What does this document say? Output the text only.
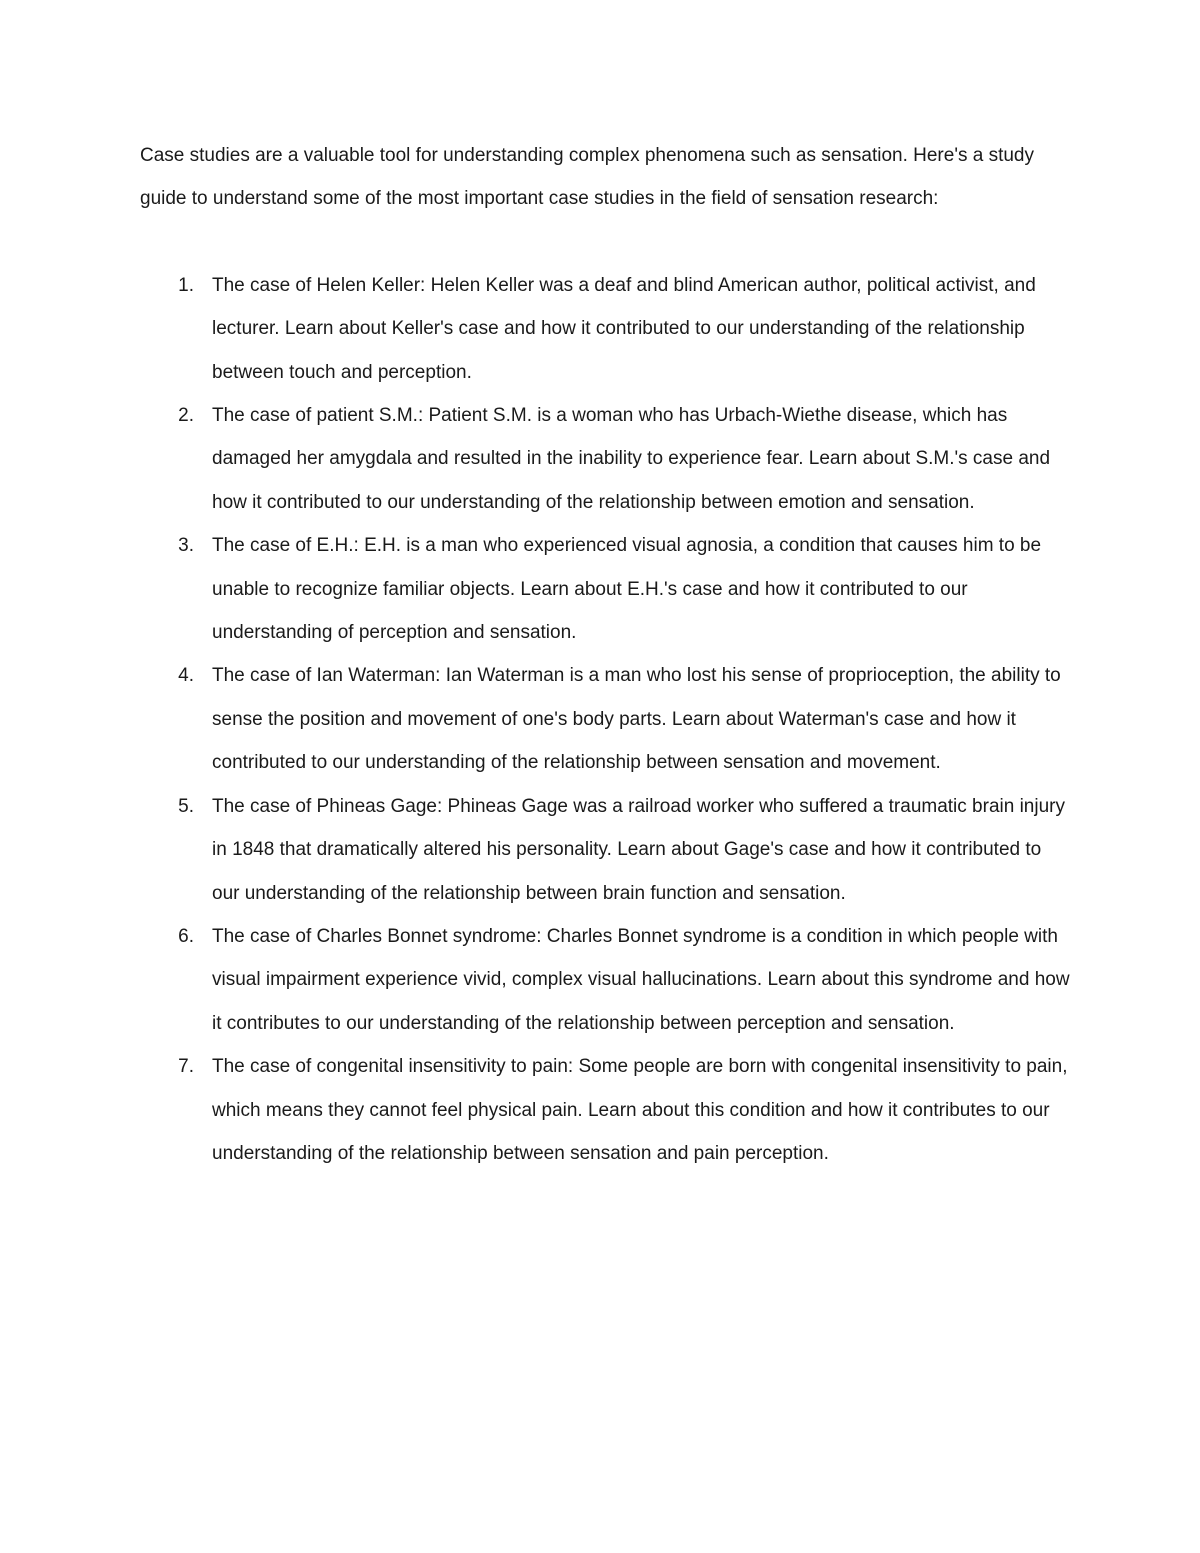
Case studies are a valuable tool for understanding complex phenomena such as sensation. Here's a study guide to understand some of the most important case studies in the field of sensation research:

1. The case of Helen Keller: Helen Keller was a deaf and blind American author, political activist, and lecturer. Learn about Keller's case and how it contributed to our understanding of the relationship between touch and perception.
2. The case of patient S.M.: Patient S.M. is a woman who has Urbach-Wiethe disease, which has damaged her amygdala and resulted in the inability to experience fear. Learn about S.M.'s case and how it contributed to our understanding of the relationship between emotion and sensation.
3. The case of E.H.: E.H. is a man who experienced visual agnosia, a condition that causes him to be unable to recognize familiar objects. Learn about E.H.'s case and how it contributed to our understanding of perception and sensation.
4. The case of Ian Waterman: Ian Waterman is a man who lost his sense of proprioception, the ability to sense the position and movement of one's body parts. Learn about Waterman's case and how it contributed to our understanding of the relationship between sensation and movement.
5. The case of Phineas Gage: Phineas Gage was a railroad worker who suffered a traumatic brain injury in 1848 that dramatically altered his personality. Learn about Gage's case and how it contributed to our understanding of the relationship between brain function and sensation.
6. The case of Charles Bonnet syndrome: Charles Bonnet syndrome is a condition in which people with visual impairment experience vivid, complex visual hallucinations. Learn about this syndrome and how it contributes to our understanding of the relationship between perception and sensation.
7. The case of congenital insensitivity to pain: Some people are born with congenital insensitivity to pain, which means they cannot feel physical pain. Learn about this condition and how it contributes to our understanding of the relationship between sensation and pain perception.
